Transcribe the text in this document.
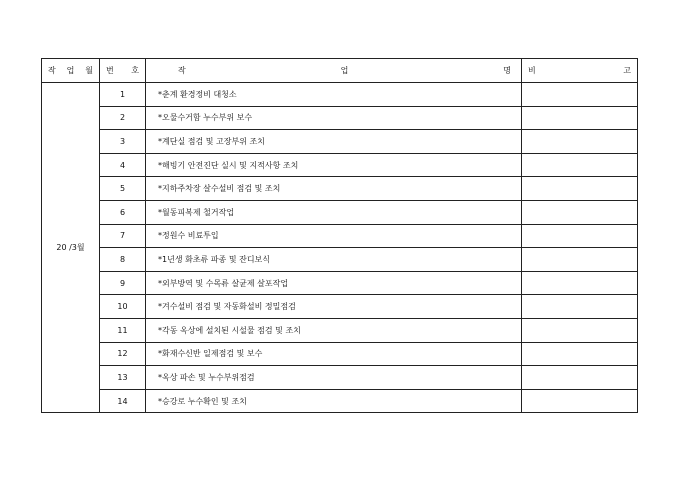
작 업 월	번 호	작 업 명	비 고

20 /3월	1	*춘계 환경정비 대청소	
	2	*오물수거함 누수부위 보수	
	3	*계단실 점검 및 고장부위 조치	
	4	*해빙기 안전진단 실시 및 지적사항 조치	
	5	*지하주차장 살수설비 점검 및 조치	
	6	*월동피복제 철거작업	
	7	*정원수 비료투입	
	8	*1년생 화초류 파종 및 잔디보식	
	9	*외부방역 및 수목류 살균제 살포작업	
	10	*겨수설비 점검 및 자동화설비 정밀점검	
	11	*각동 옥상에 설치된 시설물 점검 및 조치	
	12	*화재수신반 일제점검 및 보수	
	13	*옥상 파손 및 누수부위점검	
	14	*승강로 누수확인 및 조치	
